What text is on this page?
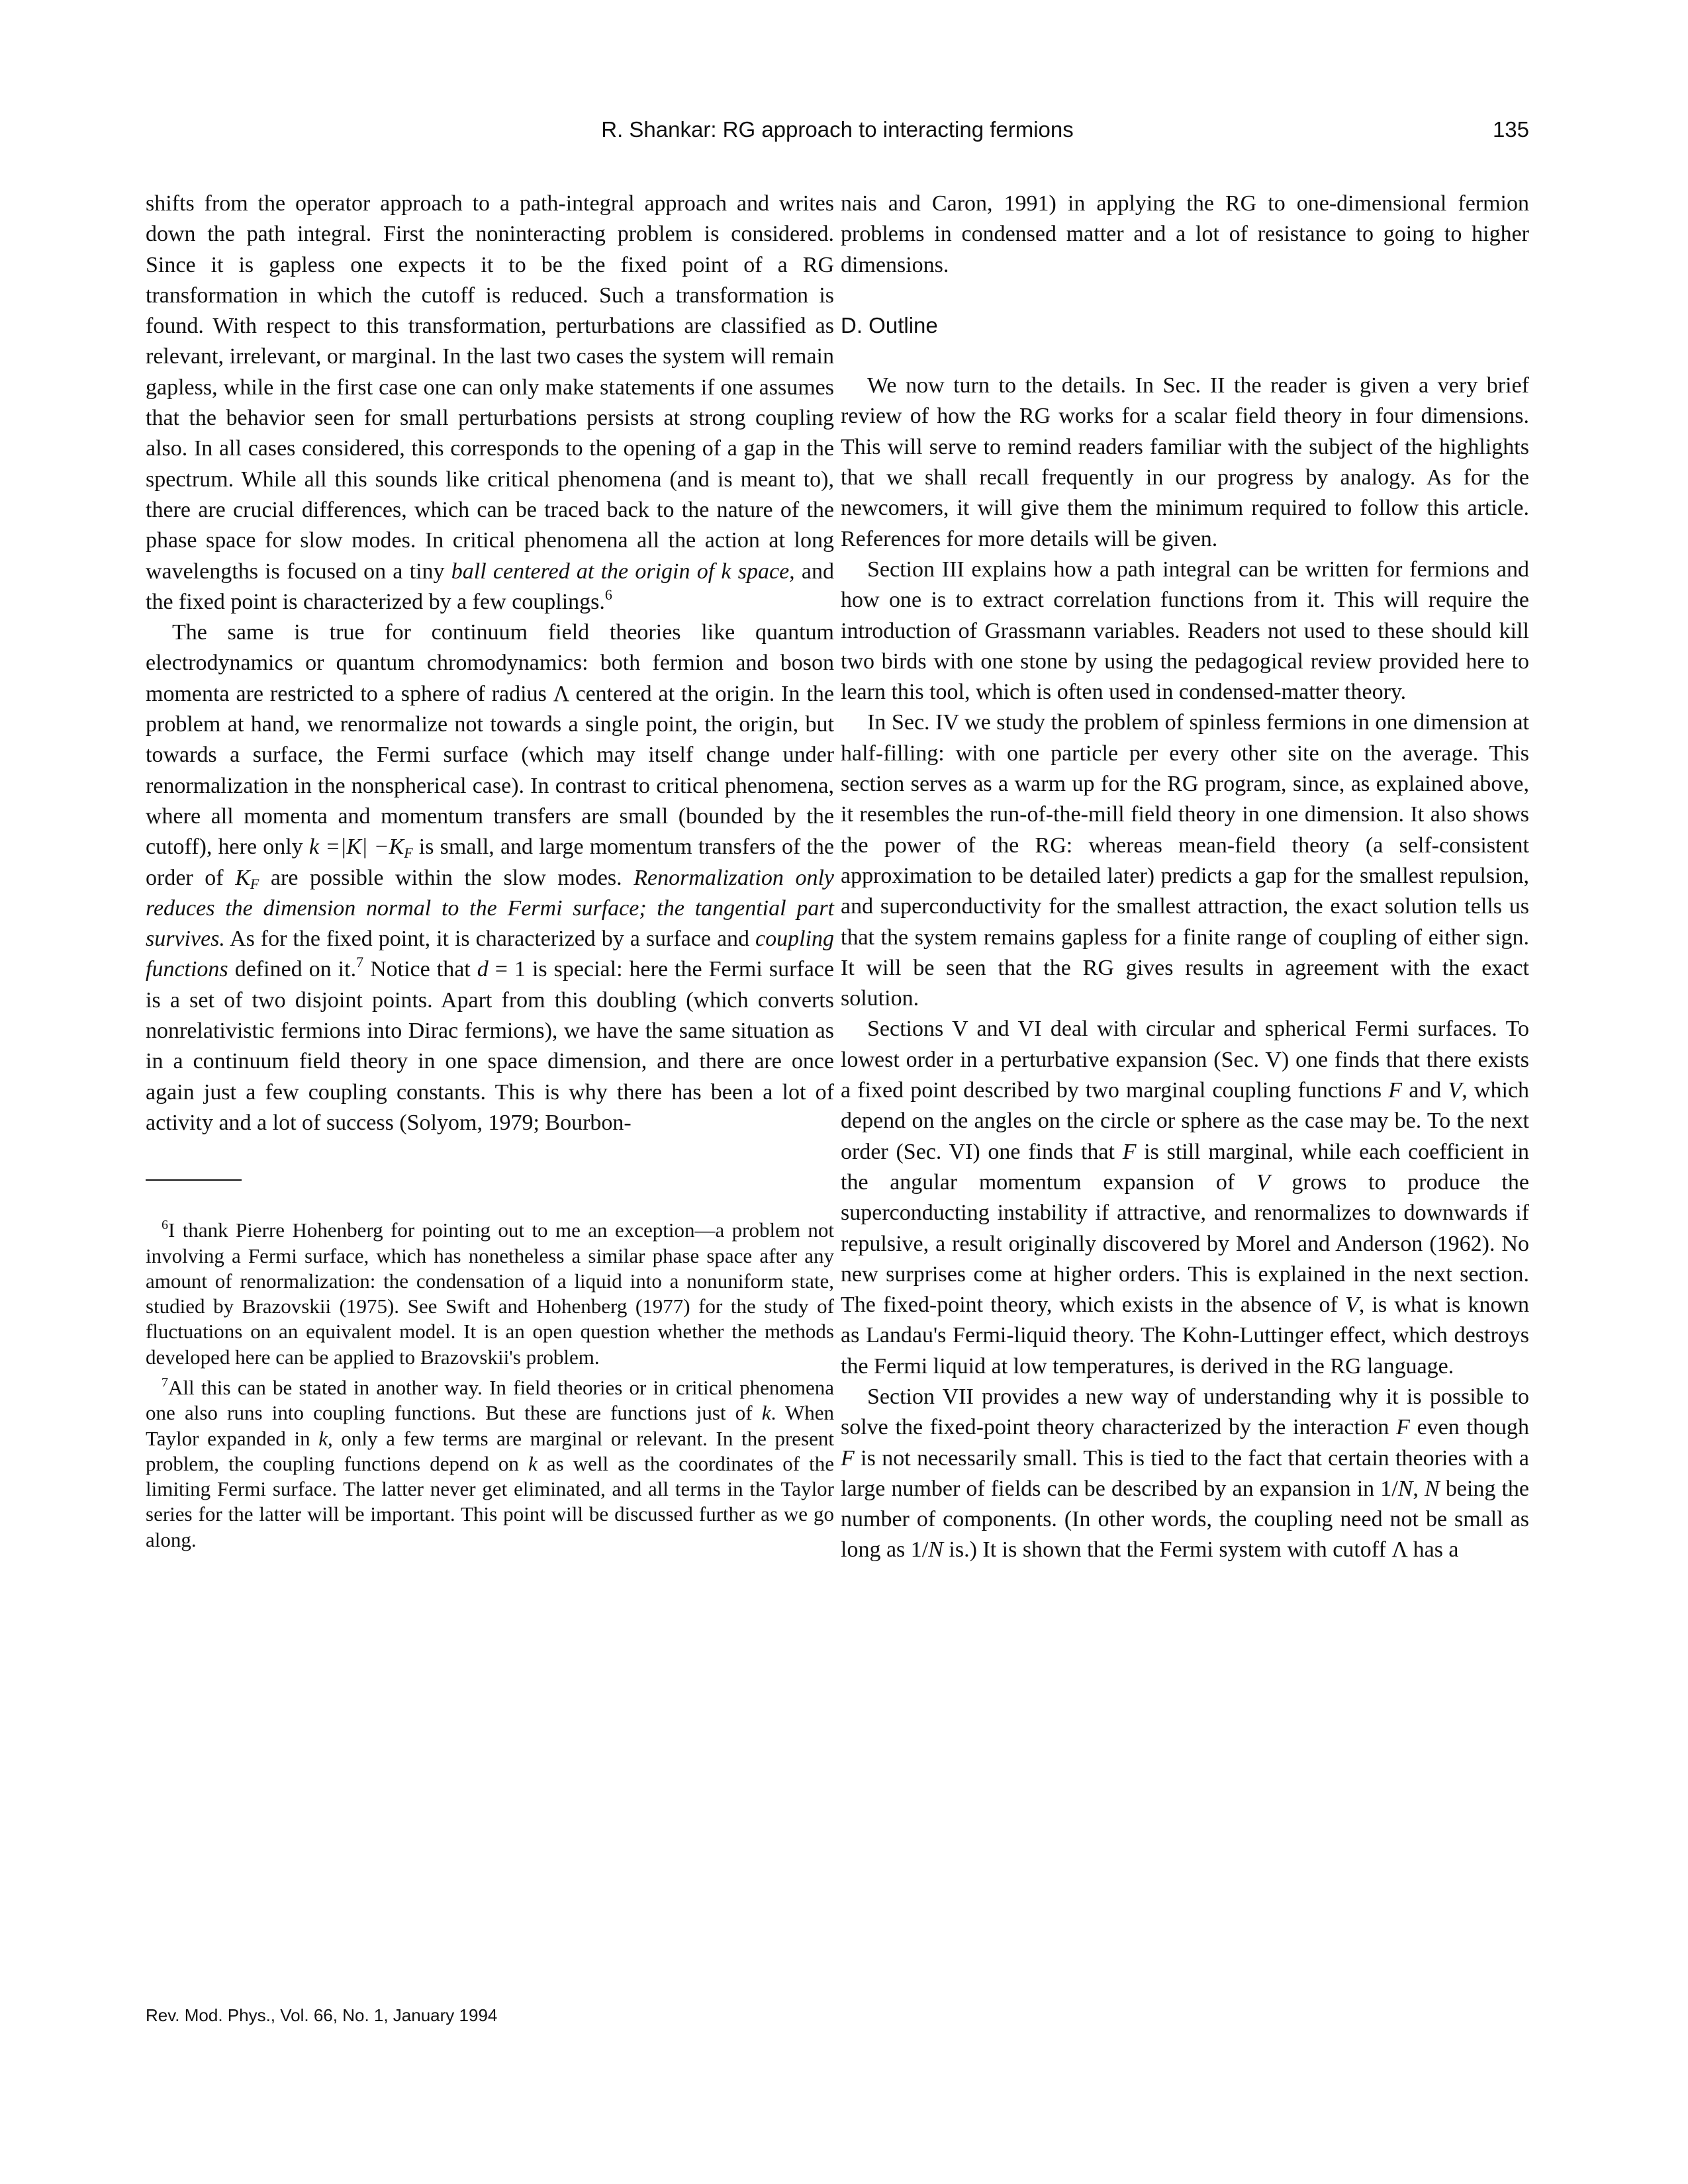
R. Shankar: RG approach to interacting fermions	135

shifts from the operator approach to a path-integral approach and writes down the path integral. First the noninteracting problem is considered. Since it is gapless one expects it to be the fixed point of a RG transformation in which the cutoff is reduced. Such a transformation is found. With respect to this transformation, perturbations are classified as relevant, irrelevant, or marginal. In the last two cases the system will remain gapless, while in the first case one can only make statements if one assumes that the behavior seen for small perturbations persists at strong coupling also. In all cases considered, this corresponds to the opening of a gap in the spectrum. While all this sounds like critical phenomena (and is meant to), there are crucial differences, which can be traced back to the nature of the phase space for slow modes. In critical phenomena all the action at long wavelengths is focused on a tiny ball centered at the origin of k space, and the fixed point is characterized by a few couplings.$^6$

The same is true for continuum field theories like quantum electrodynamics or quantum chromodynamics: both fermion and boson momenta are restricted to a sphere of radius Λ centered at the origin. In the problem at hand, we renormalize not towards a single point, the origin, but towards a surface, the Fermi surface (which may itself change under renormalization in the nonspherical case). In contrast to critical phenomena, where all momenta and momentum transfers are small (bounded by the cutoff), here only $k =|K| -K_F$ is small, and large momentum transfers of the order of $K_F$ are possible within the slow modes. Renormalization only reduces the dimension normal to the Fermi surface; the tangential part survives. As for the fixed point, it is characterized by a surface and coupling functions defined on it.$^7$ Notice that d = 1 is special: here the Fermi surface is a set of two disjoint points. Apart from this doubling (which converts nonrelativistic fermions into Dirac fermions), we have the same situation as in a continuum field theory in one space dimension, and there are once again just a few coupling constants. This is why there has been a lot of activity and a lot of success (Solyom, 1979; Bourbon-

$^6$I thank Pierre Hohenberg for pointing out to me an exception—a problem not involving a Fermi surface, which has nonetheless a similar phase space after any amount of renormalization: the condensation of a liquid into a nonuniform state, studied by Brazovskii (1975). See Swift and Hohenberg (1977) for the study of fluctuations on an equivalent model. It is an open question whether the methods developed here can be applied to Brazovskii's problem.

$^7$All this can be stated in another way. In field theories or in critical phenomena one also runs into coupling functions. But these are functions just of k. When Taylor expanded in k, only a few terms are marginal or relevant. In the present problem, the coupling functions depend on k as well as the coordinates of the limiting Fermi surface. The latter never get eliminated, and all terms in the Taylor series for the latter will be important. This point will be discussed further as we go along.

nais and Caron, 1991) in applying the RG to one-dimensional fermion problems in condensed matter and a lot of resistance to going to higher dimensions.

D. Outline

We now turn to the details. In Sec. II the reader is given a very brief review of how the RG works for a scalar field theory in four dimensions. This will serve to remind readers familiar with the subject of the highlights that we shall recall frequently in our progress by analogy. As for the newcomers, it will give them the minimum required to follow this article. References for more details will be given.

Section III explains how a path integral can be written for fermions and how one is to extract correlation functions from it. This will require the introduction of Grassmann variables. Readers not used to these should kill two birds with one stone by using the pedagogical review provided here to learn this tool, which is often used in condensed-matter theory.

In Sec. IV we study the problem of spinless fermions in one dimension at half-filling: with one particle per every other site on the average. This section serves as a warm up for the RG program, since, as explained above, it resembles the run-of-the-mill field theory in one dimension. It also shows the power of the RG: whereas mean-field theory (a self-consistent approximation to be detailed later) predicts a gap for the smallest repulsion, and superconductivity for the smallest attraction, the exact solution tells us that the system remains gapless for a finite range of coupling of either sign. It will be seen that the RG gives results in agreement with the exact solution.

Sections V and VI deal with circular and spherical Fermi surfaces. To lowest order in a perturbative expansion (Sec. V) one finds that there exists a fixed point described by two marginal coupling functions F and V, which depend on the angles on the circle or sphere as the case may be. To the next order (Sec. VI) one finds that F is still marginal, while each coefficient in the angular momentum expansion of V grows to produce the superconducting instability if attractive, and renormalizes to downwards if repulsive, a result originally discovered by Morel and Anderson (1962). No new surprises come at higher orders. This is explained in the next section. The fixed-point theory, which exists in the absence of V, is what is known as Landau's Fermi-liquid theory. The Kohn-Luttinger effect, which destroys the Fermi liquid at low temperatures, is derived in the RG language.

Section VII provides a new way of understanding why it is possible to solve the fixed-point theory characterized by the interaction F even though F is not necessarily small. This is tied to the fact that certain theories with a large number of fields can be described by an expansion in 1/N, N being the number of components. (In other words, the coupling need not be small as long as 1/N is.) It is shown that the Fermi system with cutoff Λ has a

Rev. Mod. Phys., Vol. 66, No. 1, January 1994
